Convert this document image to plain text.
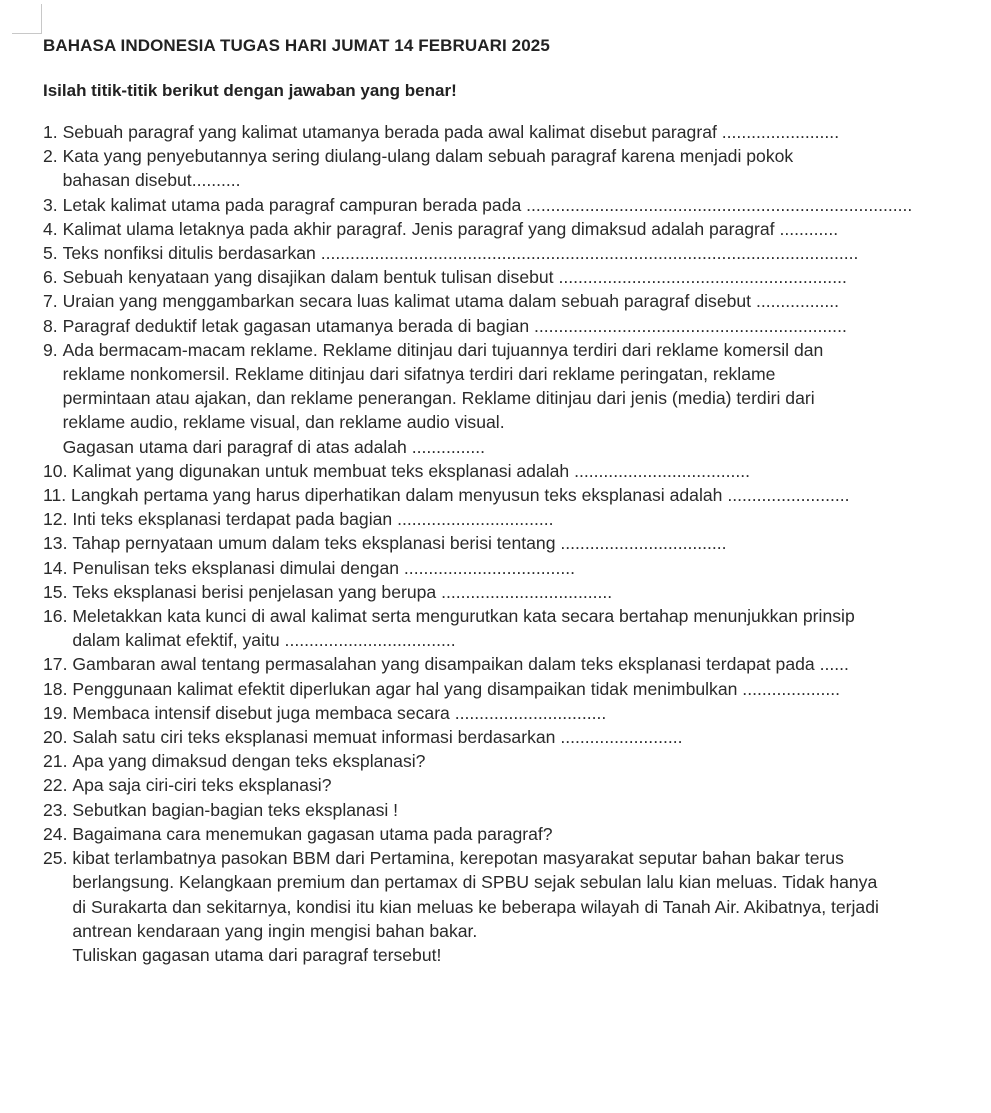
BAHASA INDONESIA TUGAS HARI JUMAT 14 FEBRUARI 2025

Isilah titik-titik berikut dengan jawaban yang benar!

1. Sebuah paragraf yang kalimat utamanya berada pada awal kalimat disebut paragraf ........................
2. Kata yang penyebutannya sering diulang-ulang dalam sebuah paragraf karena menjadi pokok
bahasan disebut..........
3. Letak kalimat utama pada paragraf campuran berada pada ...............................................................................
4. Kalimat ulama letaknya pada akhir paragraf. Jenis paragraf yang dimaksud adalah paragraf ............
5. Teks nonfiksi ditulis berdasarkan ..............................................................................................................
6. Sebuah kenyataan yang disajikan dalam bentuk tulisan disebut ...........................................................
7. Uraian yang menggambarkan secara luas kalimat utama dalam sebuah paragraf disebut .................
8. Paragraf deduktif letak gagasan utamanya berada di bagian ................................................................
9. Ada bermacam-macam reklame. Reklame ditinjau dari tujuannya terdiri dari reklame komersil dan
reklame nonkomersil. Reklame ditinjau dari sifatnya terdiri dari reklame peringatan, reklame
permintaan atau ajakan, dan reklame penerangan. Reklame ditinjau dari jenis (media) terdiri dari
reklame audio, reklame visual, dan reklame audio visual.
Gagasan utama dari paragraf di atas adalah ...............
10. Kalimat yang digunakan untuk membuat teks eksplanasi adalah ....................................
11. Langkah pertama yang harus diperhatikan dalam menyusun teks eksplanasi adalah .........................
12. Inti teks eksplanasi terdapat pada bagian ................................
13. Tahap pernyataan umum dalam teks eksplanasi berisi tentang ..................................
14. Penulisan teks eksplanasi dimulai dengan ...................................
15. Teks eksplanasi berisi penjelasan yang berupa ...................................
16. Meletakkan kata kunci di awal kalimat serta mengurutkan kata secara bertahap menunjukkan prinsip
dalam kalimat efektif, yaitu ...................................
17. Gambaran awal tentang permasalahan yang disampaikan dalam teks eksplanasi terdapat pada ......
18. Penggunaan kalimat efektit diperlukan agar hal yang disampaikan tidak menimbulkan ....................
19. Membaca intensif disebut juga membaca secara ...............................
20. Salah satu ciri teks eksplanasi memuat informasi berdasarkan .........................
21. Apa yang dimaksud dengan teks eksplanasi?
22. Apa saja ciri-ciri teks eksplanasi?
23. Sebutkan bagian-bagian teks eksplanasi !
24. Bagaimana cara menemukan gagasan utama pada paragraf?
25. kibat terlambatnya pasokan BBM dari Pertamina, kerepotan masyarakat seputar bahan bakar terus
berlangsung. Kelangkaan premium dan pertamax di SPBU sejak sebulan lalu kian meluas. Tidak hanya
di Surakarta dan sekitarnya, kondisi itu kian meluas ke beberapa wilayah di Tanah Air. Akibatnya, terjadi
antrean kendaraan yang ingin mengisi bahan bakar.
Tuliskan gagasan utama dari paragraf tersebut!
